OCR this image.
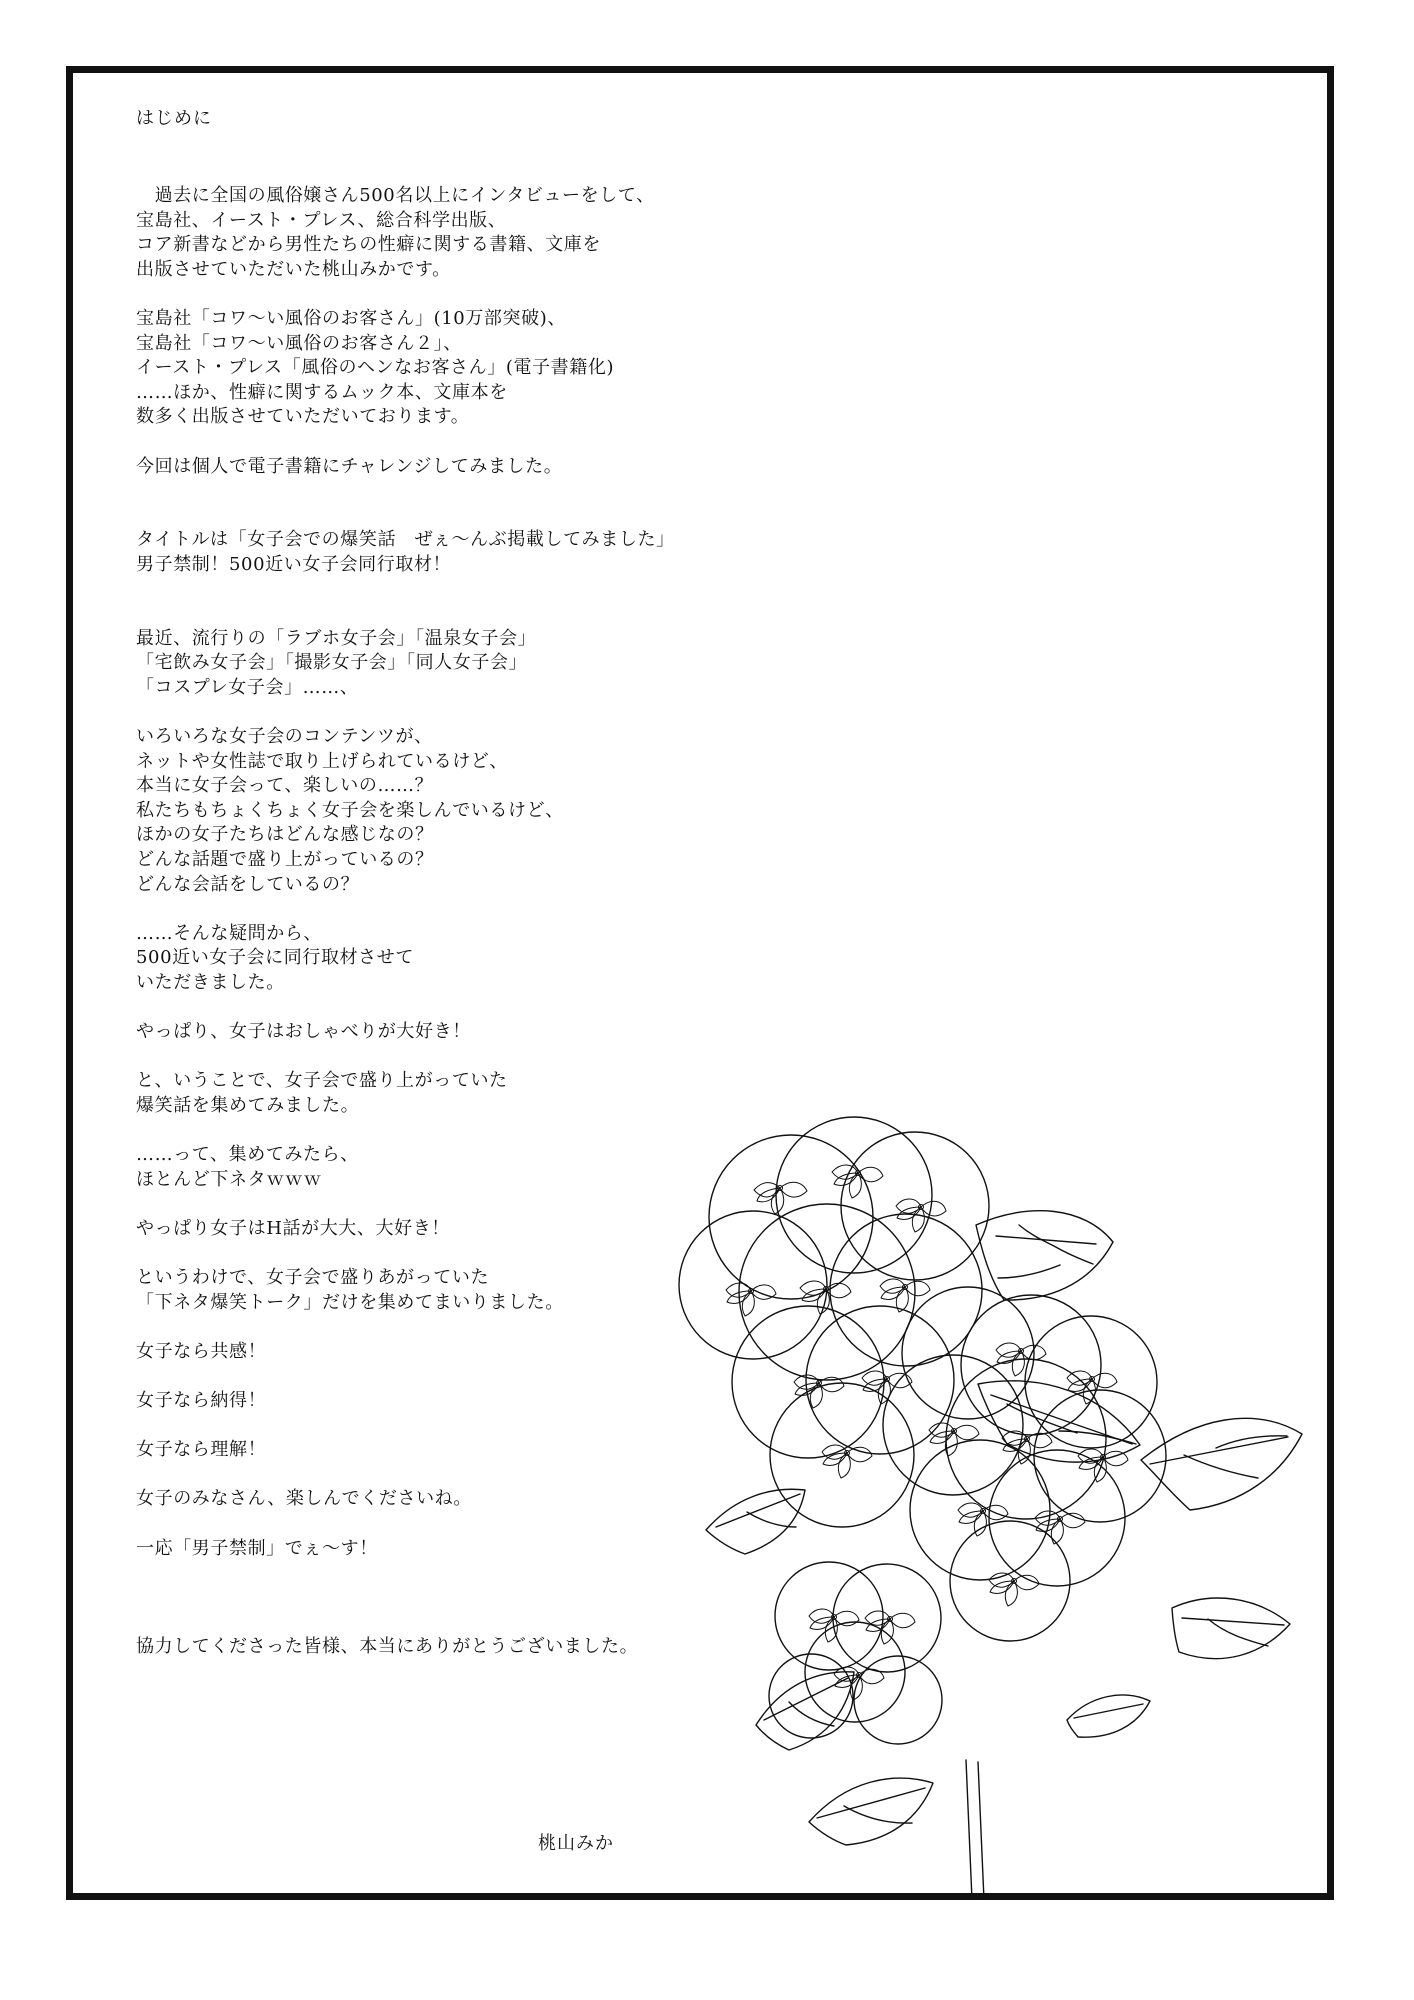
はじめに

　過去に全国の風俗嬢さん500名以上にインタビューをして、
宝島社、イースト・プレス、総合科学出版、
コア新書などから男性たちの性癖に関する書籍、文庫を
出版させていただいた桃山みかです。

宝島社「コワ〜い風俗のお客さん」(10万部突破)、
宝島社「コワ〜い風俗のお客さん２」、
イースト・プレス「風俗のヘンなお客さん」(電子書籍化)
……ほか、性癖に関するムック本、文庫本を
数多く出版させていただいております。

今回は個人で電子書籍にチャレンジしてみました。

タイトルは「女子会での爆笑話　ぜぇ〜んぶ掲載してみました」
男子禁制！500近い女子会同行取材！

最近、流行りの「ラブホ女子会」「温泉女子会」
「宅飲み女子会」「撮影女子会」「同人女子会」
「コスプレ女子会」……、

いろいろな女子会のコンテンツが、
ネットや女性誌で取り上げられているけど、
本当に女子会って、楽しいの……？
私たちもちょくちょく女子会を楽しんでいるけど、
ほかの女子たちはどんな感じなの？
どんな話題で盛り上がっているの？
どんな会話をしているの？

……そんな疑問から、
500近い女子会に同行取材させて
いただきました。

やっぱり、女子はおしゃべりが大好き！

と、いうことで、女子会で盛り上がっていた
爆笑話を集めてみました。

……って、集めてみたら、
ほとんど下ネタｗｗｗ

やっぱり女子はH話が大大、大好き！

というわけで、女子会で盛りあがっていた
「下ネタ爆笑トーク」だけを集めてまいりました。

女子なら共感！

女子なら納得！

女子なら理解！

女子のみなさん、楽しんでくださいね。

一応「男子禁制」でぇ〜す！

協力してくださった皆様、本当にありがとうございました。

桃山みか
